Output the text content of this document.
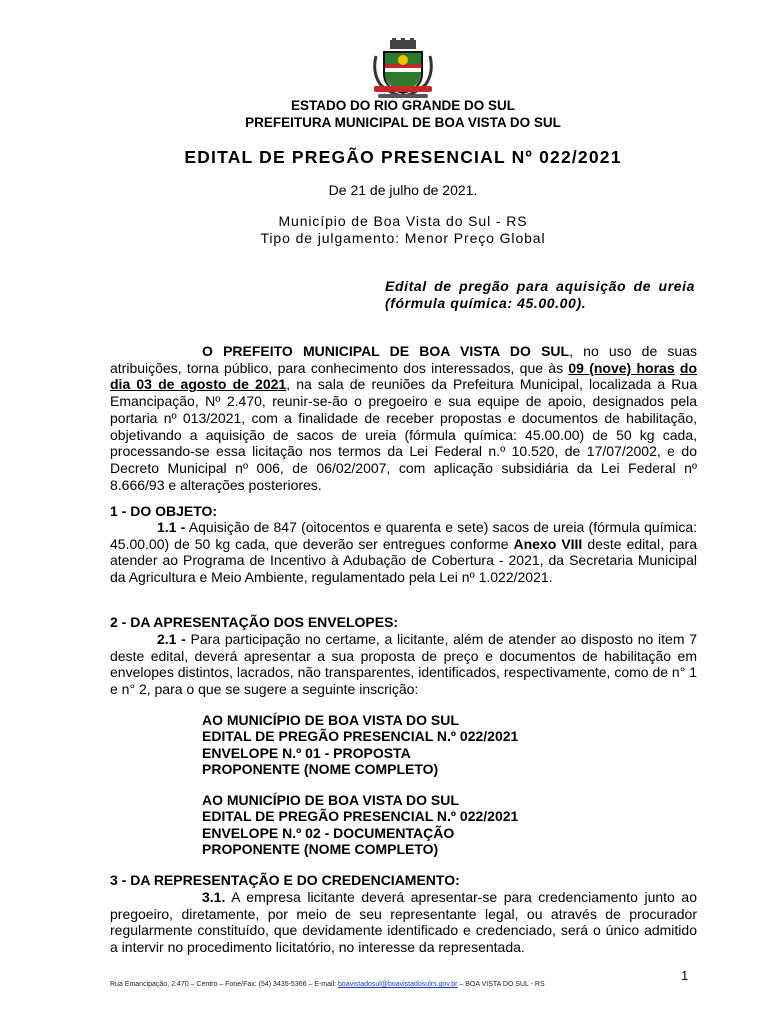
ESTADO DO RIO GRANDE DO SUL
PREFEITURA MUNICIPAL DE BOA VISTA DO SUL
EDITAL DE PREGÃO PRESENCIAL Nº 022/2021
De 21 de julho de 2021.
Município de Boa Vista do Sul - RS
Tipo de julgamento: Menor Preço Global
Edital de pregão para aquisição de ureia (fórmula química: 45.00.00).

O PREFEITO MUNICIPAL DE BOA VISTA DO SUL, no uso de suas atribuições, torna público, para conhecimento dos interessados, que às 09 (nove) horas do dia 03 de agosto de 2021, na sala de reuniões da Prefeitura Municipal, localizada a Rua Emancipação, Nº 2.470, reunir-se-ão o pregoeiro e sua equipe de apoio, designados pela portaria nº 013/2021, com a finalidade de receber propostas e documentos de habilitação, objetivando a aquisição de sacos de ureia (fórmula química: 45.00.00) de 50 kg cada, processando-se essa licitação nos termos da Lei Federal n.º 10.520, de 17/07/2002, e do Decreto Municipal nº 006, de 06/02/2007, com aplicação subsidiária da Lei Federal nº 8.666/93 e alterações posteriores.

1 - DO OBJETO:

1.1 - Aquisição de 847 (oitocentos e quarenta e sete) sacos de ureia (fórmula química: 45.00.00) de 50 kg cada, que deverão ser entregues conforme Anexo VIII deste edital, para atender ao Programa de Incentivo à Adubação de Cobertura - 2021, da Secretaria Municipal da Agricultura e Meio Ambiente, regulamentado pela Lei nº 1.022/2021.

2 - DA APRESENTAÇÃO DOS ENVELOPES:

2.1 - Para participação no certame, a licitante, além de atender ao disposto no item 7 deste edital, deverá apresentar a sua proposta de preço e documentos de habilitação em envelopes distintos, lacrados, não transparentes, identificados, respectivamente, como de n° 1 e n° 2, para o que se sugere a seguinte inscrição:

AO MUNICÍPIO DE BOA VISTA DO SUL
EDITAL DE PREGÃO PRESENCIAL N.º 022/2021
ENVELOPE N.º 01 - PROPOSTA
PROPONENTE (NOME COMPLETO)
AO MUNICÍPIO DE BOA VISTA DO SUL
EDITAL DE PREGÃO PRESENCIAL N.º 022/2021
ENVELOPE N.º 02 - DOCUMENTAÇÃO
PROPONENTE (NOME COMPLETO)

3 - DA REPRESENTAÇÃO E DO CREDENCIAMENTO:

3.1. A empresa licitante deverá apresentar-se para credenciamento junto ao pregoeiro, diretamente, por meio de seu representante legal, ou através de procurador regularmente constituído, que devidamente identificado e credenciado, será o único admitido a intervir no procedimento licitatório, no interesse da representada.

1
Rua Emancipação, 2.470 – Centro – Fone/Fax: (54) 3435-5366 – E-mail: boavistadosul@boavistadosulrs.gov.br – BOA VISTA DO SUL - RS
